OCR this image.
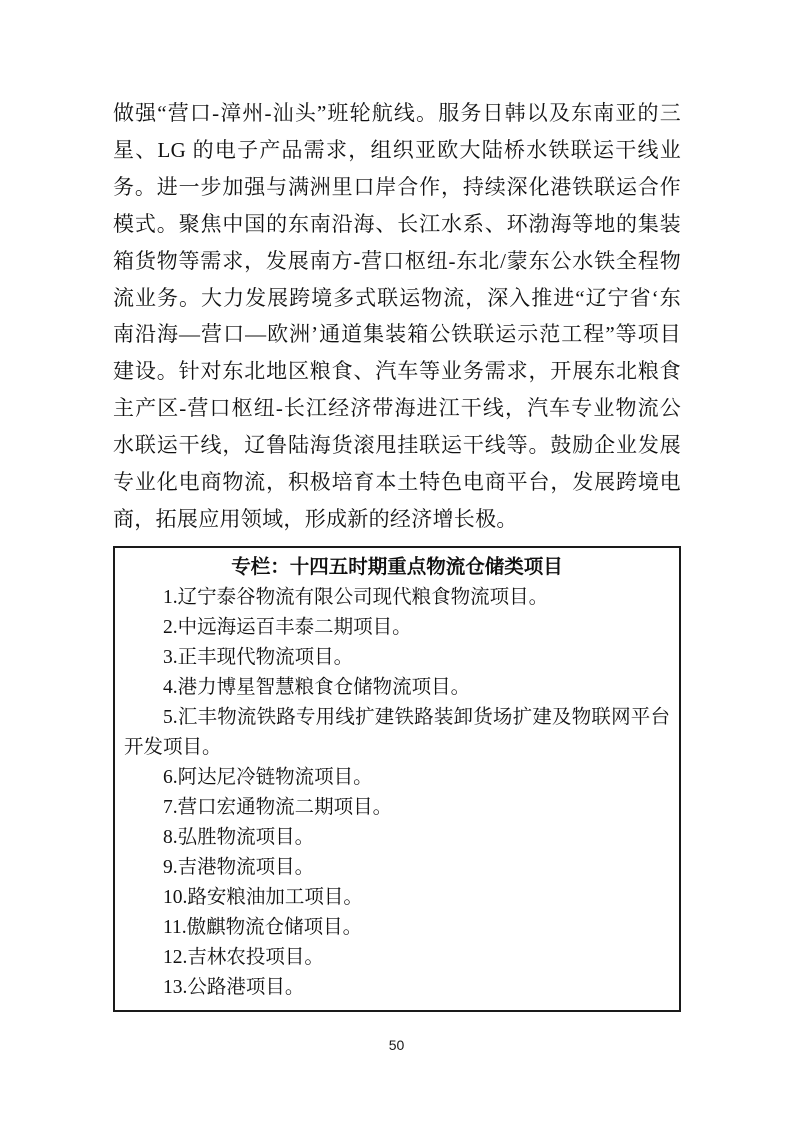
做强“营口-漳州-汕头”班轮航线。服务日韩以及东南亚的三星、LG 的电子产品需求，组织亚欧大陆桥水铁联运干线业务。进一步加强与满洲里口岸合作，持续深化港铁联运合作模式。聚焦中国的东南沿海、长江水系、环渤海等地的集装箱货物等需求，发展南方-营口枢纽-东北/蒙东公水铁全程物流业务。大力发展跨境多式联运物流，深入推进“辽宁省‘东南沿海—营口—欧洲’通道集装箱公铁联运示范工程”等项目建设。针对东北地区粮食、汽车等业务需求，开展东北粮食主产区-营口枢纽-长江经济带海进江干线，汽车专业物流公水联运干线，辽鲁陆海货滚甩挂联运干线等。鼓励企业发展专业化电商物流，积极培育本土特色电商平台，发展跨境电商，拓展应用领域，形成新的经济增长极。

专栏：十四五时期重点物流仓储类项目

1.辽宁泰谷物流有限公司现代粮食物流项目。

2.中远海运百丰泰二期项目。

3.正丰现代物流项目。

4.港力博星智慧粮食仓储物流项目。

5.汇丰物流铁路专用线扩建铁路装卸货场扩建及物联网平台开发项目。

6.阿达尼冷链物流项目。

7.营口宏通物流二期项目。

8.弘胜物流项目。

9.吉港物流项目。

10.路安粮油加工项目。

11.傲麒物流仓储项目。

12.吉林农投项目。

13.公路港项目。

50
